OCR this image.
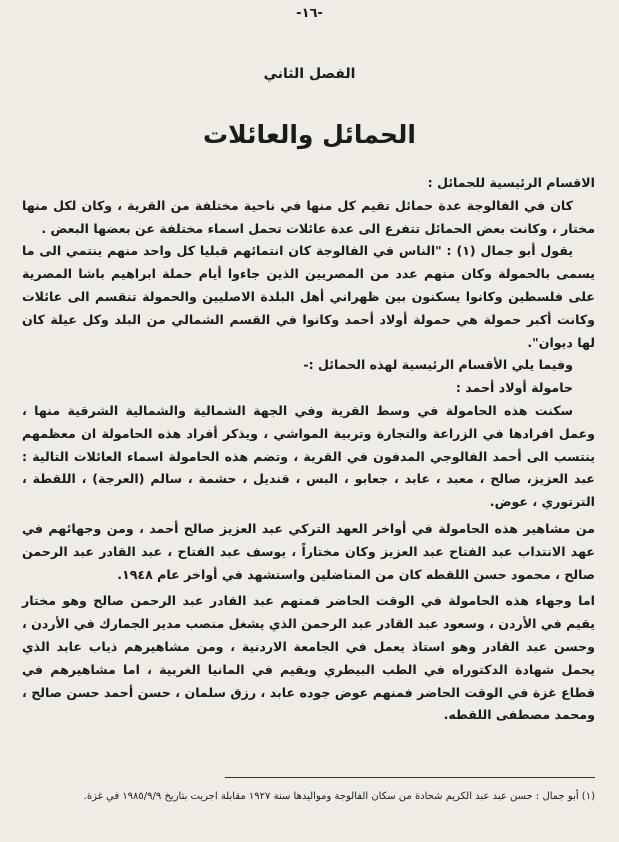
-١٦-
الفصل الثاني
الحمائل والعائلات

الاقسام الرئيسية للحمائل :

كان في الفالوجة عدة حمائل تقيم كل منها في ناحية مختلفة من القرية ، وكان لكل منها مختار ، وكانت بعض الحمائل تتفرع الى عدة عائلات تحمل اسماء مختلفة عن بعضها البعض .

يقول أبو جمال (١) : "الناس في الفالوجة كان انتمائهم قبليا كل واحد منهم ينتمي الى ما يسمى بالحمولة وكان منهم عدد من المصريين الذين جاءوا أيام حملة ابراهيم باشا المصرية على فلسطين وكانوا يسكنون بين ظهراني أهل البلدة الاصليين والحمولة تنقسم الى عائلات وكانت أكبر حمولة هي حمولة أولاد أحمد وكانوا في القسم الشمالي من البلد وكل عيلة كان لها ديوان".

وفيما يلي الأقسام الرئيسية لهذه الحمائل :-

حامولة أولاد أحمد :

سكنت هذه الحامولة في وسط القرية وفي الجهة الشمالية والشمالية الشرقية منها ، وعمل افرادها في الزراعة والتجارة وتربية المواشي ، ويذكر أفراد هذه الحامولة ان معظمهم ينتسب الى أحمد الفالوجي المدفون في القرية ، وتضم هذه الحامولة اسماء العائلات التالية : عبد العزيز، صالح ، معبد ، عابد ، جعابو ، البس ، قنديل ، حشمة ، سالم (العرجة) ، اللقطة ، الترتوري ، عوض.

من مشاهير هذه الحامولة في أواخر العهد التركي عبد العزيز صالح أحمد ، ومن وجهائهم في عهد الانتداب عبد الفتاح عبد العزيز وكان مختاراً ، يوسف عبد الفتاح ، عبد القادر عبد الرحمن صالح ، محمود حسن اللقطه كان من المناضلين واستشهد في أواخر عام ١٩٤٨.

اما وجهاء هذه الحامولة في الوقت الحاضر فمنهم عبد القادر عبد الرحمن صالح وهو مختار يقيم في الأردن ، وسعود عبد القادر عبد الرحمن الذي يشغل منصب مدير الجمارك في الأردن ، وحسن عبد القادر وهو استاذ يعمل في الجامعة الاردنية ، ومن مشاهيرهم ذياب عابد الذي يحمل شهادة الدكتوراه في الطب البيطري ويقيم في المانيا الغربية ، اما مشاهيرهم في قطاع غزة في الوقت الحاضر فمنهم عوض جوده عابد ، رزق سلمان ، حسن أحمد حسن صالح ، ومحمد مصطفى اللقطه.

(١) أبو جمال : حسن عبد عبد الكريم شحادة من سكان الفالوجة ومواليدها سنة ١٩٢٧ مقابلة اجريت بتاريخ ١٩٨٥/٩/٩ في غزة.
